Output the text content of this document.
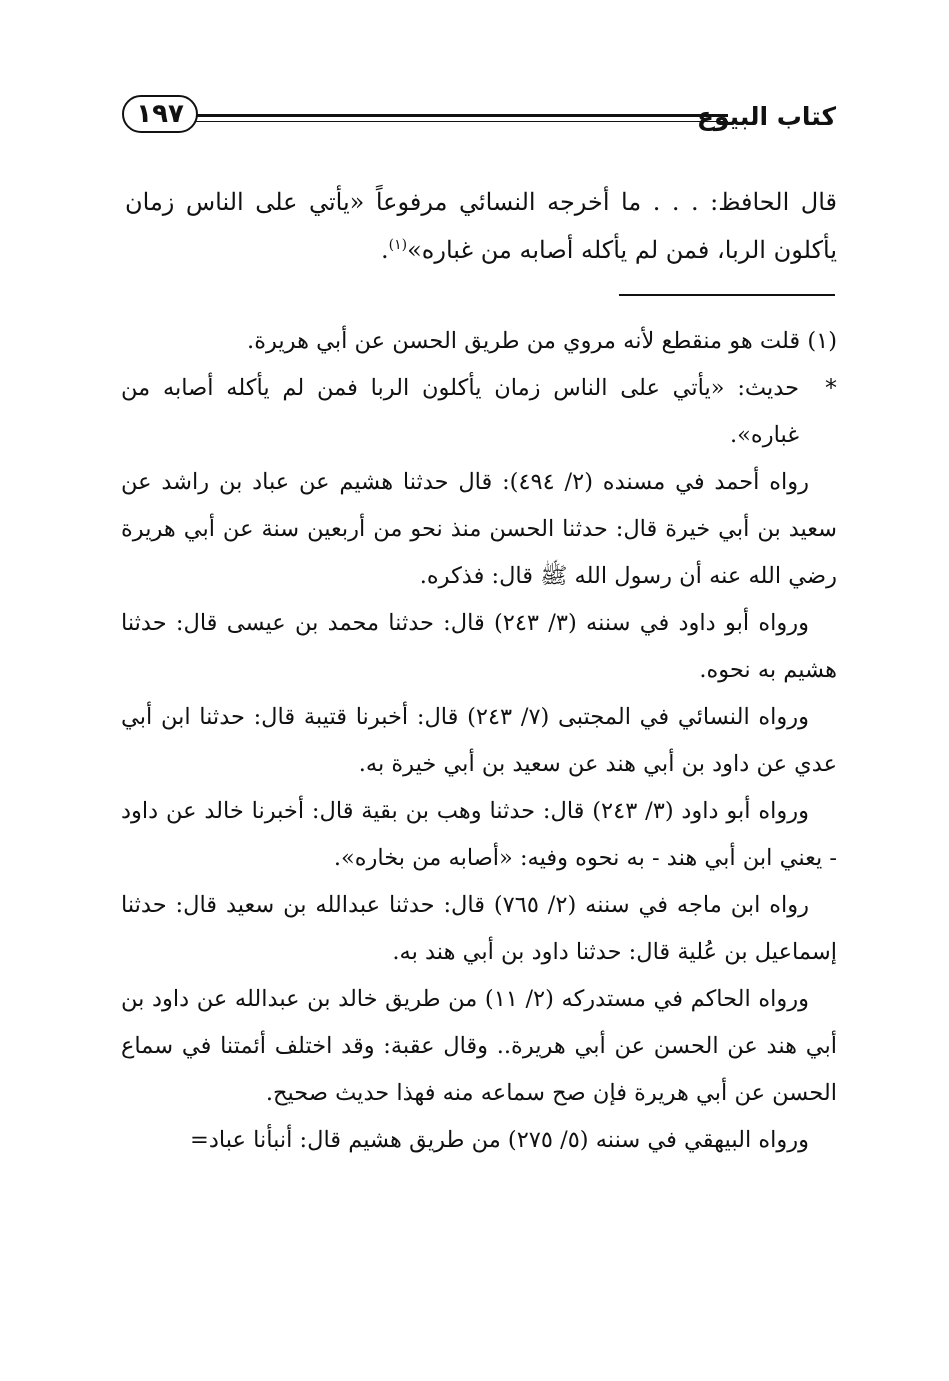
كتاب البيوع
١٩٧

قال الحافظ: . . . ما أخرجه النسائي مرفوعاً «يأتي على الناس زمان يأكلون الربا، فمن لم يأكله أصابه من غباره»$^{(١)}$.

(١) قلت هو منقطع لأنه مروي من طريق الحسن عن أبي هريرة.

*
حديث: «يأتي على الناس زمان يأكلون الربا فمن لم يأكله أصابه من غباره».

رواه أحمد في مسنده (٢/ ٤٩٤): قال حدثنا هشيم عن عباد بن راشد عن سعيد بن أبي خيرة قال: حدثنا الحسن منذ نحو من أربعين سنة عن أبي هريرة رضي الله عنه أن رسول الله ﷺ قال: فذكره.

ورواه أبو داود في سننه (٣/ ٢٤٣) قال: حدثنا محمد بن عيسى قال: حدثنا هشيم به نحوه.

ورواه النسائي في المجتبى (٧/ ٢٤٣) قال: أخبرنا قتيبة قال: حدثنا ابن أبي عدي عن داود بن أبي هند عن سعيد بن أبي خيرة به.

ورواه أبو داود (٣/ ٢٤٣) قال: حدثنا وهب بن بقية قال: أخبرنا خالد عن داود - يعني ابن أبي هند - به نحوه وفيه: «أصابه من بخاره».

رواه ابن ماجه في سننه (٢/ ٧٦٥) قال: حدثنا عبدالله بن سعيد قال: حدثنا إسماعيل بن عُلية قال: حدثنا داود بن أبي هند به.

ورواه الحاكم في مستدركه (٢/ ١١) من طريق خالد بن عبدالله عن داود بن أبي هند عن الحسن عن أبي هريرة.. وقال عقبة: وقد اختلف أئمتنا في سماع الحسن عن أبي هريرة فإن صح سماعه منه فهذا حديث صحيح.

ورواه البيهقي في سننه (٥/ ٢٧٥) من طريق هشيم قال: أنبأنا عباد=
